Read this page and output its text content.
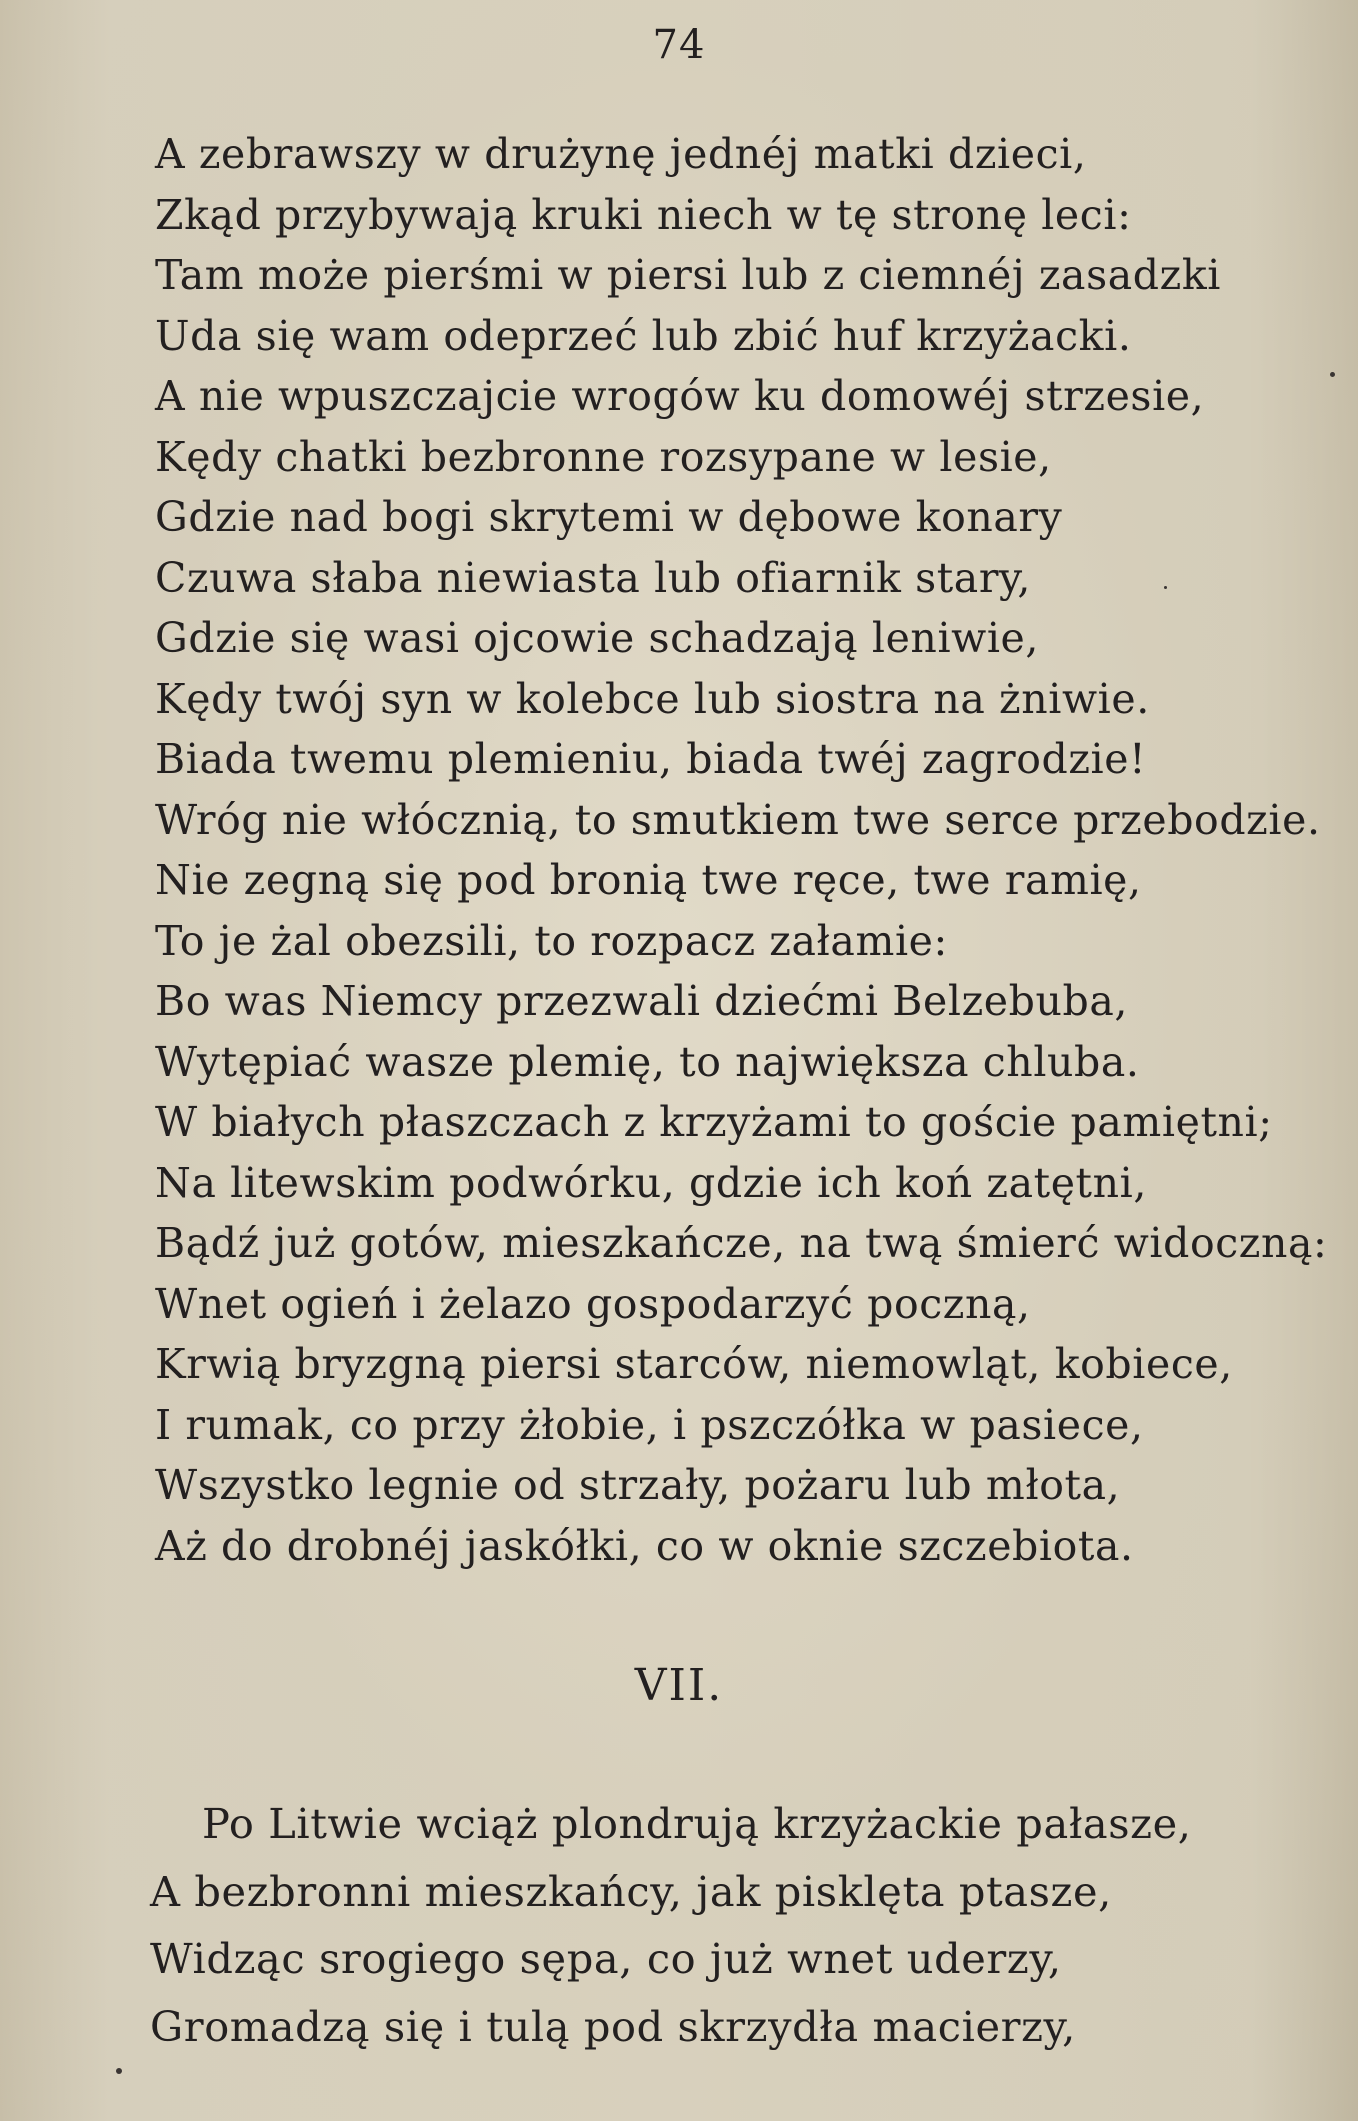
74
A zebrawszy w drużynę jednéj matki dzieci,
Zkąd przybywają kruki niech w tę stronę leci:
Tam może pierśmi w piersi lub z ciemnéj zasadzki
Uda się wam odeprzeć lub zbić huf krzyżacki.
A nie wpuszczajcie wrogów ku domowéj strzesie,
Kędy chatki bezbronne rozsypane w lesie,
Gdzie nad bogi skrytemi w dębowe konary
Czuwa słaba niewiasta lub ofiarnik stary,
Gdzie się wasi ojcowie schadzają leniwie,
Kędy twój syn w kolebce lub siostra na żniwie.
Biada twemu plemieniu, biada twéj zagrodzie!
Wróg nie włócznią, to smutkiem twe serce przebodzie.
Nie zegną się pod bronią twe ręce, twe ramię,
To je żal obezsili, to rozpacz załamie:
Bo was Niemcy przezwali dziećmi Belzebuba,
Wytępiać wasze plemię, to największa chluba.
W białych płaszczach z krzyżami to goście pamiętni;
Na litewskim podwórku, gdzie ich koń zatętni,
Bądź już gotów, mieszkańcze, na twą śmierć widoczną:
Wnet ogień i żelazo gospodarzyć poczną,
Krwią bryzgną piersi starców, niemowląt, kobiece,
I rumak, co przy żłobie, i pszczółka w pasiece,
Wszystko legnie od strzały, pożaru lub młota,
Aż do drobnéj jaskółki, co w oknie szczebiota.
VII.
Po Litwie wciąż plondrują krzyżackie pałasze,
A bezbronni mieszkańcy, jak pisklęta ptasze,
Widząc srogiego sępa, co już wnet uderzy,
Gromadzą się i tulą pod skrzydła macierzy,
